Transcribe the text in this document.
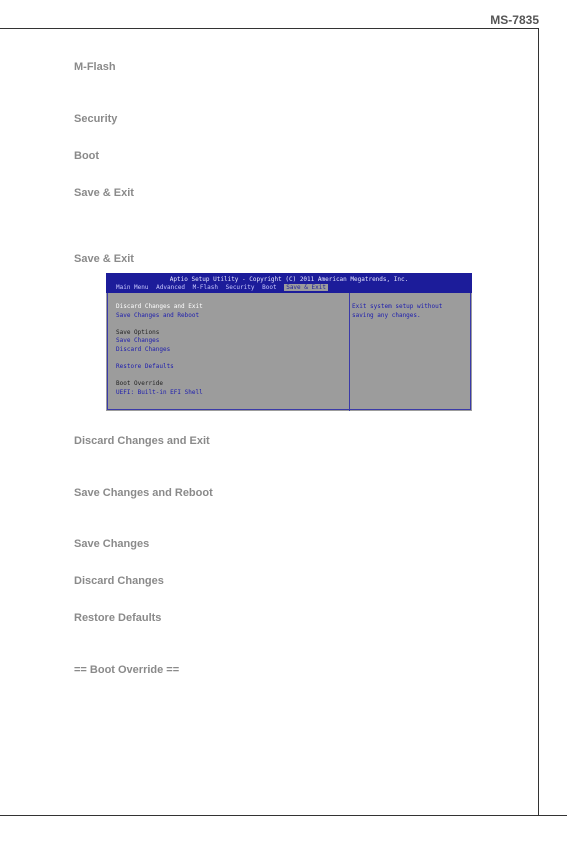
MS-7835
M-Flash
Security
Boot
Save & Exit
Save & Exit
Aptio Setup Utility - Copyright (C) 2011 American Megatrends, Inc.
Main Menu Advanced M-Flash Security Boot Save & Exit
Discard Changes and Exit
Save Changes and Reboot
Save Options
Save Changes
Discard Changes
Restore Defaults
Boot Override
UEFI: Built-in EFI Shell
Exit system setup without
saving any changes.
Discard Changes and Exit
Save Changes and Reboot
Save Changes
Discard Changes
Restore Defaults
== Boot Override ==
